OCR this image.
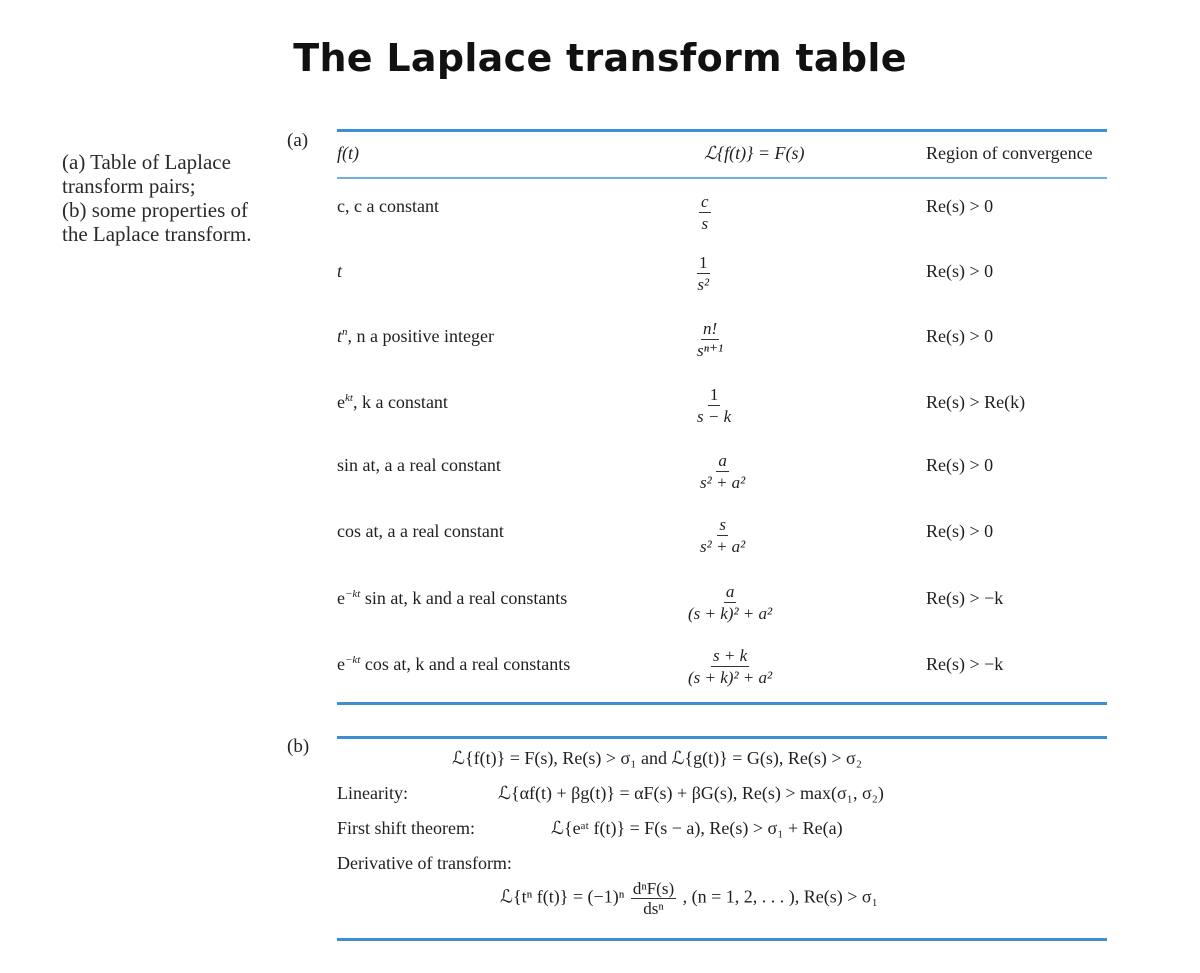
The Laplace transform table
(a) Table of Laplace
transform pairs;
(b) some properties of
the Laplace transform.
(a)
(b)
f(t)	ℒ{f(t)} = F(s)	Region of convergence
c, c a constant	$\frac{c}{s}$	Re(s) > 0
t	$\frac{1}{\text{s²}}$	Re(s) > 0
$t^n$, n a positive integer	$\frac{n!}{\text{sⁿ⁺¹}}$	Re(s) > 0
$e^{kt}$, k a constant	$\frac{1}{s - k}$	Re(s) > Re(k)
sin at, a a real constant	$\frac{a}{\text{s² + a²}}$	Re(s) > 0
cos at, a a real constant	$\frac{s}{\text{s² + a²}}$	Re(s) > 0
$e^{-kt}$ sin at, k and a real constants	$\frac{a}{\text{(s + k)² + a²}}$	Re(s) > −k
$e^{-kt}$ cos at, k and a real constants	$\frac{s + k}{\text{(s + k)² + a²}}$	Re(s) > −k
ℒ{f(t)} = F(s), Re(s) > σ₁ and ℒ{g(t)} = G(s), Re(s) > σ₂
Linearity:	ℒ{αf(t) + βg(t)} = αF(s) + βG(s), Re(s) > max(σ₁, σ₂)
First shift theorem:	ℒ{eᵃᵗ f(t)} = F(s − a), Re(s) > σ₁ + Re(a)
Derivative of transform:
ℒ{tⁿ $f(t)\} = (-1)^n \frac{\text{dⁿF(s)}}{\text{dsⁿ}}$ , (n = 1, 2, . . . ), Re(s) > σ₁
